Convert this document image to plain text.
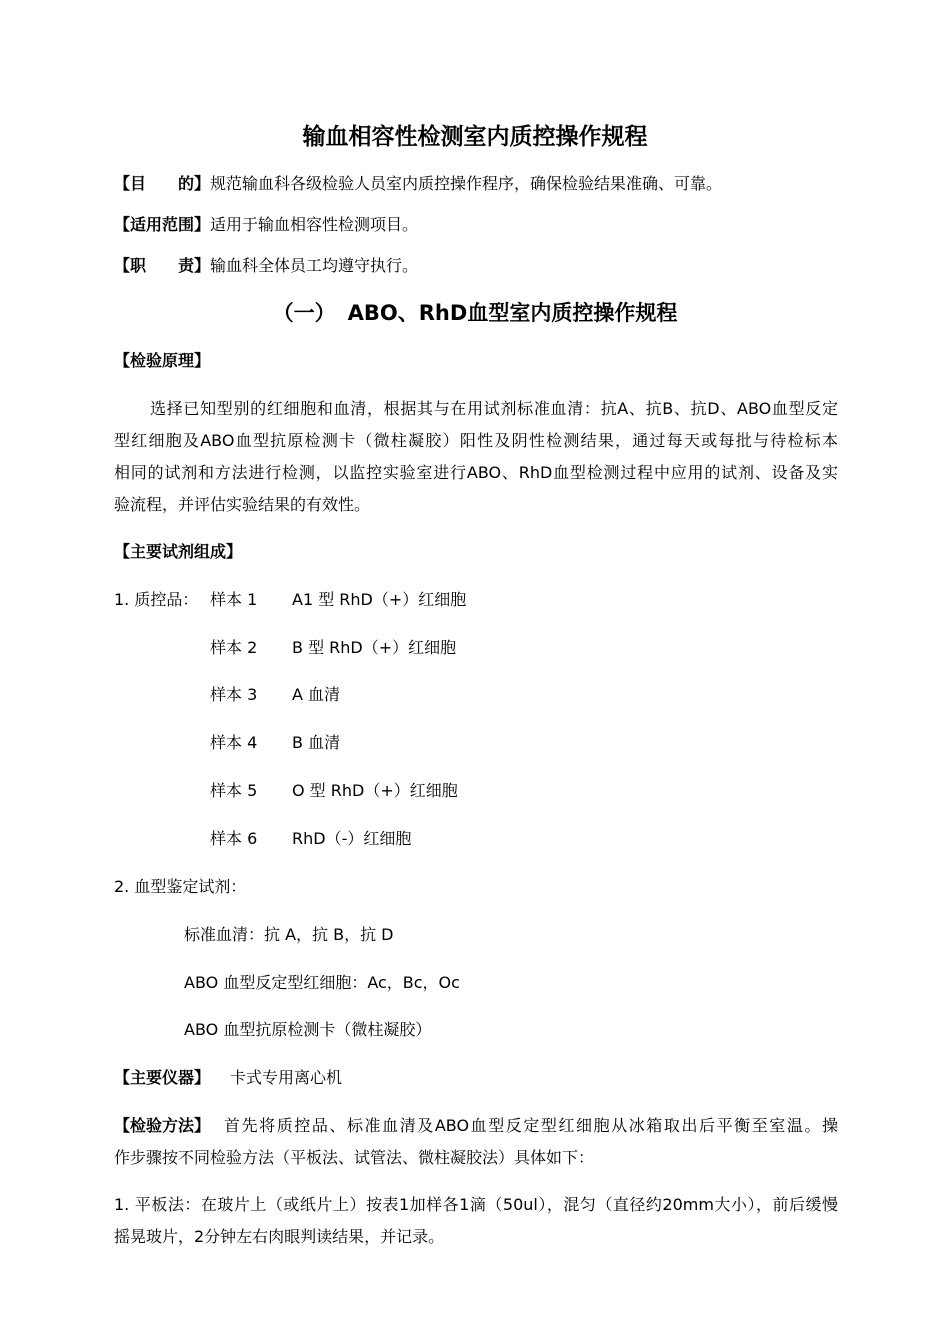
输血相容性检测室内质控操作规程
【目　　的】规范输血科各级检验人员室内质控操作程序，确保检验结果准确、可靠。
【适用范围】适用于输血相容性检测项目。
【职　　责】输血科全体员工均遵守执行。
（一） ABO、RhD血型室内质控操作规程
【检验原理】
选择已知型别的红细胞和血清，根据其与在用试剂标准血清：抗A、抗B、抗D、ABO血型反定
型红细胞及ABO血型抗原检测卡（微柱凝胶）阳性及阴性检测结果，通过每天或每批与待检标本
相同的试剂和方法进行检测，以监控实验室进行ABO、RhD血型检测过程中应用的试剂、设备及实
验流程，并评估实验结果的有效性。
【主要试剂组成】
1. 质控品： 样本 1 A1 型 RhD（+）红细胞
样本 2 B 型 RhD（+）红细胞
样本 3 A 血清
样本 4 B 血清
样本 5 O 型 RhD（+）红细胞
样本 6 RhD（-）红细胞
2. 血型鉴定试剂：
标准血清：抗 A，抗 B，抗 D
ABO 血型反定型红细胞：Ac，Bc，Oc
ABO 血型抗原检测卡（微柱凝胶）
【主要仪器】 卡式专用离心机
【检验方法】 首先将质控品、标准血清及ABO血型反定型红细胞从冰箱取出后平衡至室温。操
作步骤按不同检验方法（平板法、试管法、微柱凝胶法）具体如下：
1. 平板法：在玻片上（或纸片上）按表1加样各1滴（50ul），混匀（直径约20mm大小），前后缓慢
摇晃玻片，2分钟左右肉眼判读结果，并记录。
